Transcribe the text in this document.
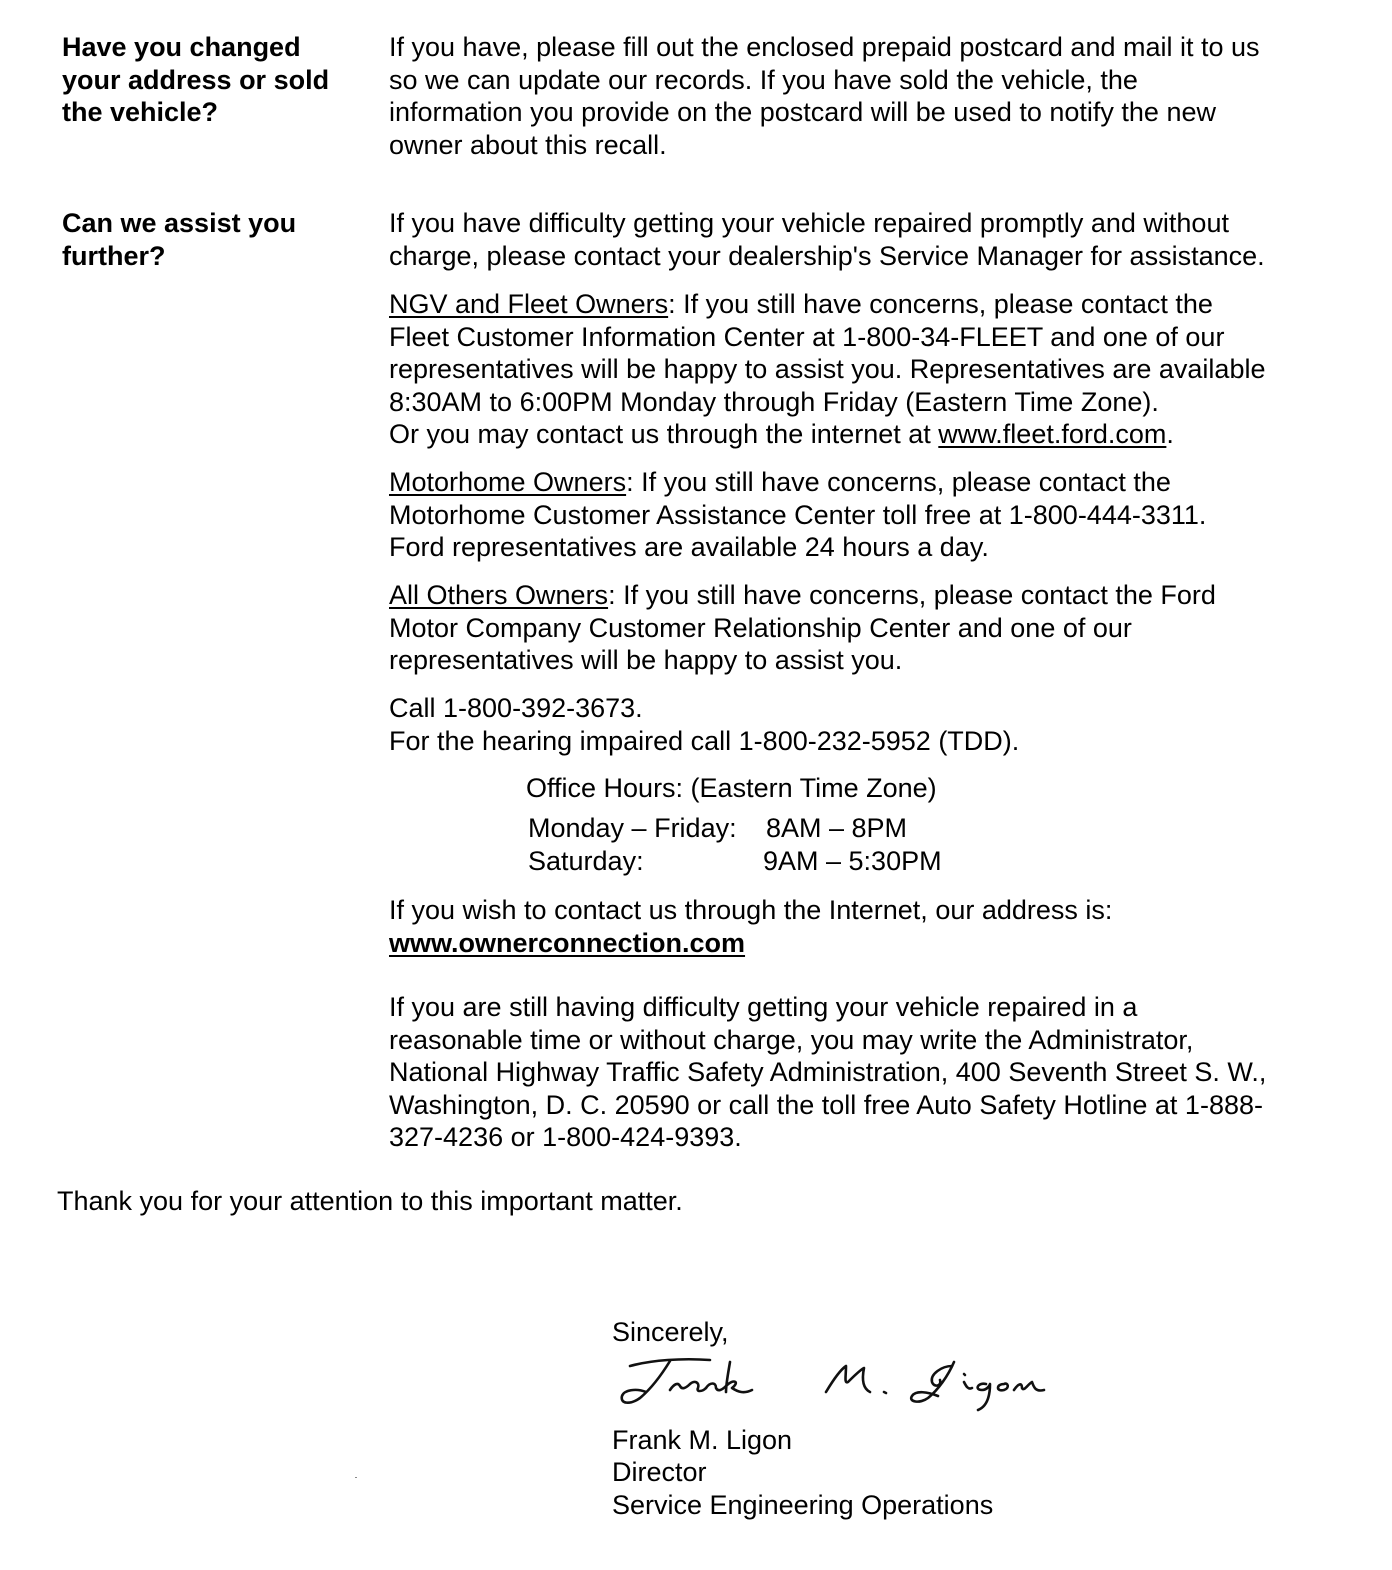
Have you changed

your address or sold

the vehicle?

If you have, please fill out the enclosed prepaid postcard and mail it to us

so we can update our records. If you have sold the vehicle, the

information you provide on the postcard will be used to notify the new

owner about this recall.

Can we assist you

further?

If you have difficulty getting your vehicle repaired promptly and without

charge, please contact your dealership's Service Manager for assistance.

NGV and Fleet Owners: If you still have concerns, please contact the

Fleet Customer Information Center at 1-800-34-FLEET and one of our

representatives will be happy to assist you. Representatives are available

8:30AM to 6:00PM Monday through Friday (Eastern Time Zone).

Or you may contact us through the internet at www.fleet.ford.com.

Motorhome Owners: If you still have concerns, please contact the

Motorhome Customer Assistance Center toll free at 1-800-444-3311.

Ford representatives are available 24 hours a day.

All Others Owners: If you still have concerns, please contact the Ford

Motor Company Customer Relationship Center and one of our

representatives will be happy to assist you.

Call 1-800-392-3673.

For the hearing impaired call 1-800-232-5952 (TDD).

Office Hours: (Eastern Time Zone)
Monday – Friday: 8AM – 8PM
Saturday:	9AM – 5:30PM

If you wish to contact us through the Internet, our address is:

www.ownerconnection.com

If you are still having difficulty getting your vehicle repaired in a

reasonable time or without charge, you may write the Administrator,

National Highway Traffic Safety Administration, 400 Seventh Street S. W.,

Washington, D. C. 20590 or call the toll free Auto Safety Hotline at 1-888-

327-4236 or 1-800-424-9393.

Thank you for your attention to this important matter.
Sincerely,
Frank M. Ligon
Director
Service Engineering Operations
